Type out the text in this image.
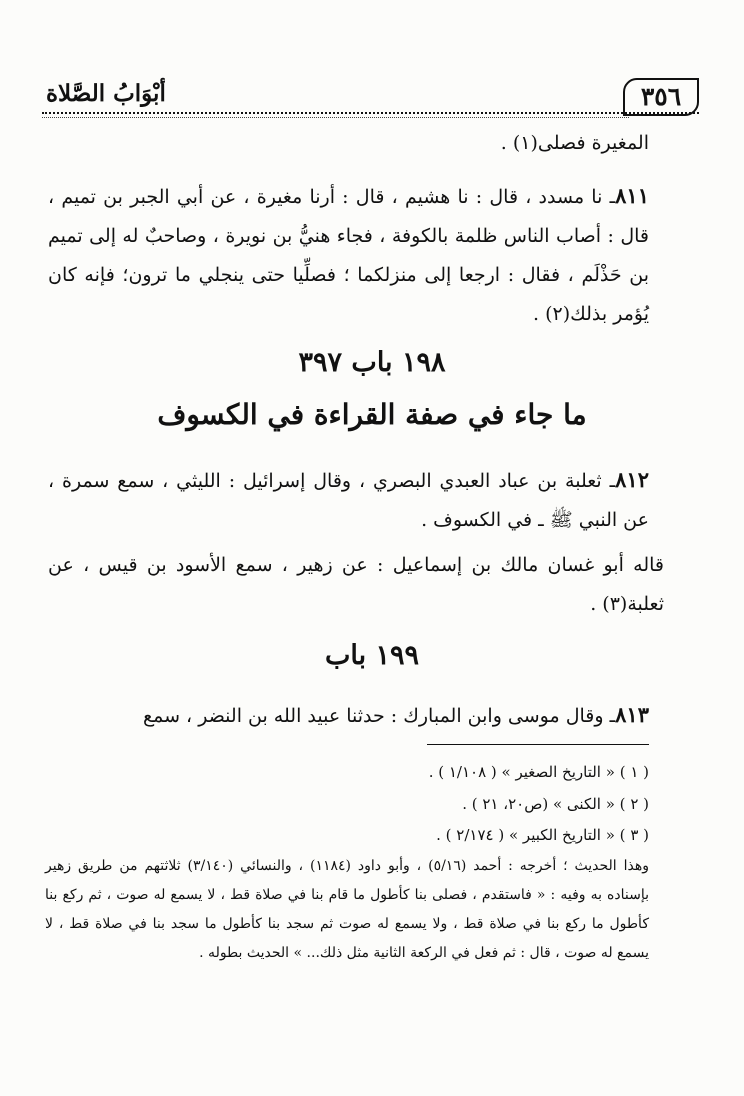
٣٥٦
أبْوَابُ الصَّلاة
المغيرة فصلى(١) .
٨١١ـ نا مسدد ، قال : نا هشيم ، قال : أرنا مغيرة ، عن أبي الجبر بن تميم ، قال : أصاب الناس ظلمة بالكوفة ، فجاء هنيُّ بن نويرة ، وصاحبٌ له إلى تميم بن حَذْلَم ، فقال : ارجعا إلى منزلكما ؛ فصلِّيا حتى ينجلي ما ترون؛ فإنه كان يُؤمر بذلك(٢) .
١٩٨ باب ٣٩٧
ما جاء في صفة القراءة في الكسوف
٨١٢ـ ثعلبة بن عباد العبدي البصري ، وقال إسرائيل : الليثي ، سمع سمرة ، عن النبي ﷺ ـ في الكسوف .
قاله أبو غسان مالك بن إسماعيل : عن زهير ، سمع الأسود بن قيس ، عن ثعلبة(٣) .
١٩٩ باب
٨١٣ـ وقال موسى وابن المبارك : حدثنا عبيد الله بن النضر ، سمع
( ١ ) « التاريخ الصغير » ( ١/١٠٨ ) .
( ٢ ) « الكنى » (ص٢٠، ٢١ ) .
( ٣ ) « التاريخ الكبير » ( ٢/١٧٤ ) .
وهذا الحديث ؛ أخرجه : أحمد (٥/١٦) ، وأبو داود (١١٨٤) ، والنسائي (٣/١٤٠) ثلاثتهم من طريق زهير بإسناده به وفيه : « فاستقدم ، فصلى بنا كأطول ما قام بنا في صلاة قط ، لا يسمع له صوت ، ثم ركع بنا كأطول ما ركع بنا في صلاة قط ، ولا يسمع له صوت ثم سجد بنا كأطول ما سجد بنا في صلاة قط ، لا يسمع له صوت ، قال : ثم فعل في الركعة الثانية مثل ذلك... » الحديث بطوله .
